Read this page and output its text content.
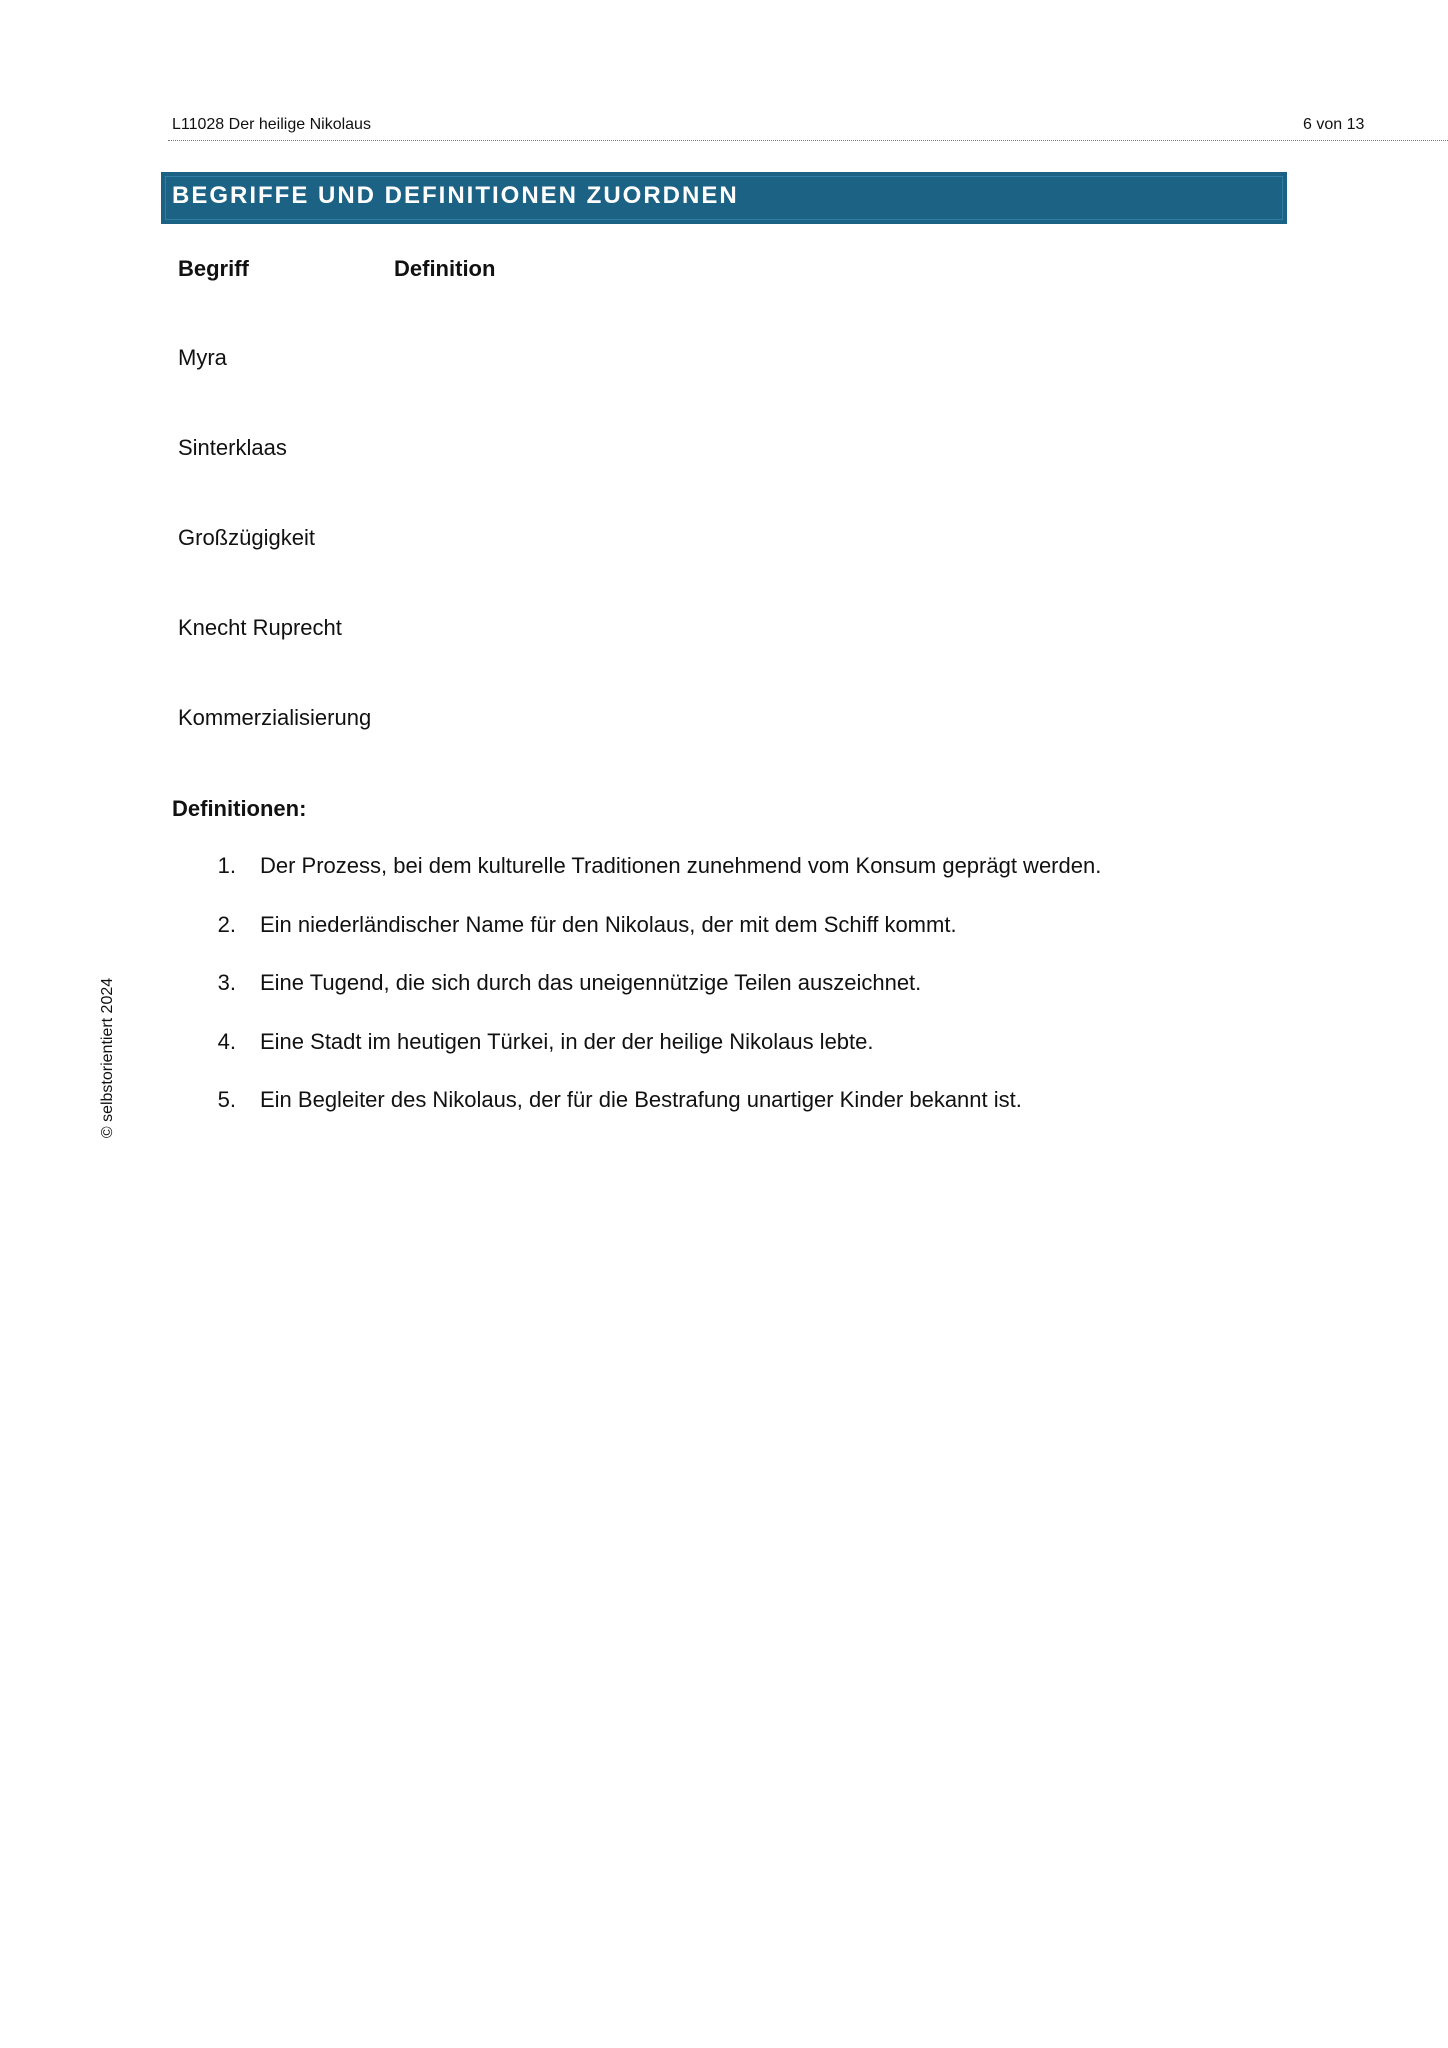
L11028 Der heilige Nikolaus	6 von 13
BEGRIFFE UND DEFINITIONEN ZUORDNEN
Begriff	Definition
Myra
Sinterklaas
Großzügigkeit
Knecht Ruprecht
Kommerzialisierung
Definitionen:
1. Der Prozess, bei dem kulturelle Traditionen zunehmend vom Konsum geprägt werden.
2. Ein niederländischer Name für den Nikolaus, der mit dem Schiff kommt.
3. Eine Tugend, die sich durch das uneigennützige Teilen auszeichnet.
4. Eine Stadt im heutigen Türkei, in der der heilige Nikolaus lebte.
5. Ein Begleiter des Nikolaus, der für die Bestrafung unartiger Kinder bekannt ist.
© selbstorientiert 2024
